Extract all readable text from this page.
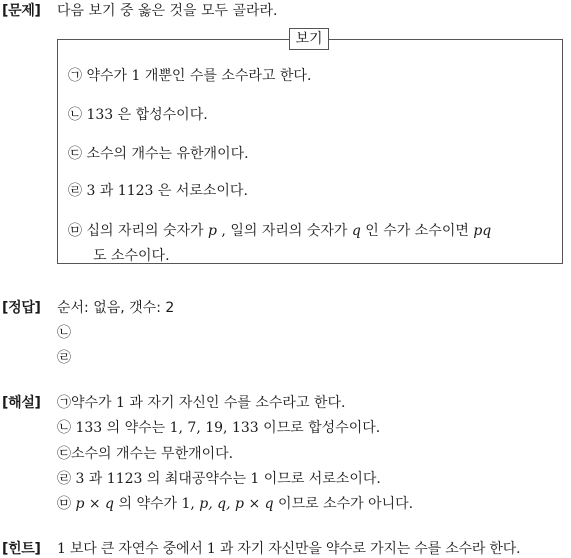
[문제] 다음 보기 중 옳은 것을 모두 골라라.
보기
㉠ 약수가 1 개뿐인 수를 소수라고 한다.
㉡ 133 은 합성수이다.
㉢ 소수의 개수는 유한개이다.
㉣ 3 과 1123 은 서로소이다.
㉤ 십의 자리의 숫자가 p , 일의 자리의 숫자가 q 인 수가 소수이면 pq
도 소수이다.
[정답] 순서: 없음, 갯수: 2
㉡
㉣
[해설] ㉠약수가 1 과 자기 자신인 수를 소수라고 한다.
㉡ 133 의 약수는 1, 7, 19, 133 이므로 합성수이다.
㉢소수의 개수는 무한개이다.
㉣ 3 과 1123 의 최대공약수는 1 이므로 서로소이다.
㉤ p × q 의 약수가 1, p, q, p × q 이므로 소수가 아니다.
[힌트] 1 보다 큰 자연수 중에서 1 과 자기 자신만을 약수로 가지는 수를 소수라 한다.
